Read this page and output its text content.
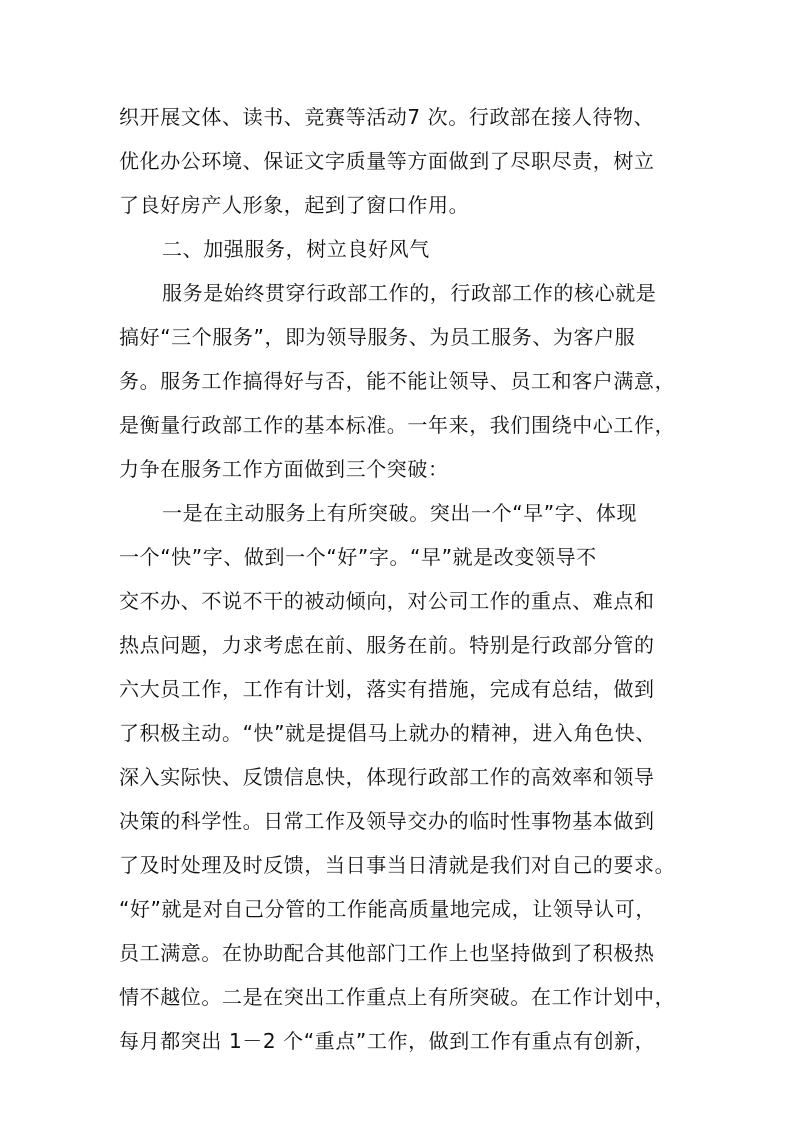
织开展文体、读书、竞赛等活动7 次。行政部在接人待物、
优化办公环境、保证文字质量等方面做到了尽职尽责，树立
了良好房产人形象，起到了窗口作用。
二、加强服务，树立良好风气
服务是始终贯穿行政部工作的，行政部工作的核心就是
搞好“三个服务”，即为领导服务、为员工服务、为客户服
务。服务工作搞得好与否，能不能让领导、员工和客户满意，
是衡量行政部工作的基本标准。一年来，我们围绕中心工作，
力争在服务工作方面做到三个突破：
一是在主动服务上有所突破。突出一个“早”字、体现
一个“快”字、做到一个“好”字。“早”就是改变领导不
交不办、不说不干的被动倾向，对公司工作的重点、难点和
热点问题，力求考虑在前、服务在前。特别是行政部分管的
六大员工作，工作有计划，落实有措施，完成有总结，做到
了积极主动。“快”就是提倡马上就办的精神，进入角色快、
深入实际快、反馈信息快，体现行政部工作的高效率和领导
决策的科学性。日常工作及领导交办的临时性事物基本做到
了及时处理及时反馈，当日事当日清就是我们对自己的要求。
“好”就是对自己分管的工作能高质量地完成，让领导认可，
员工满意。在协助配合其他部门工作上也坚持做到了积极热
情不越位。二是在突出工作重点上有所突破。在工作计划中，
每月都突出 1－2 个“重点”工作，做到工作有重点有创新，
